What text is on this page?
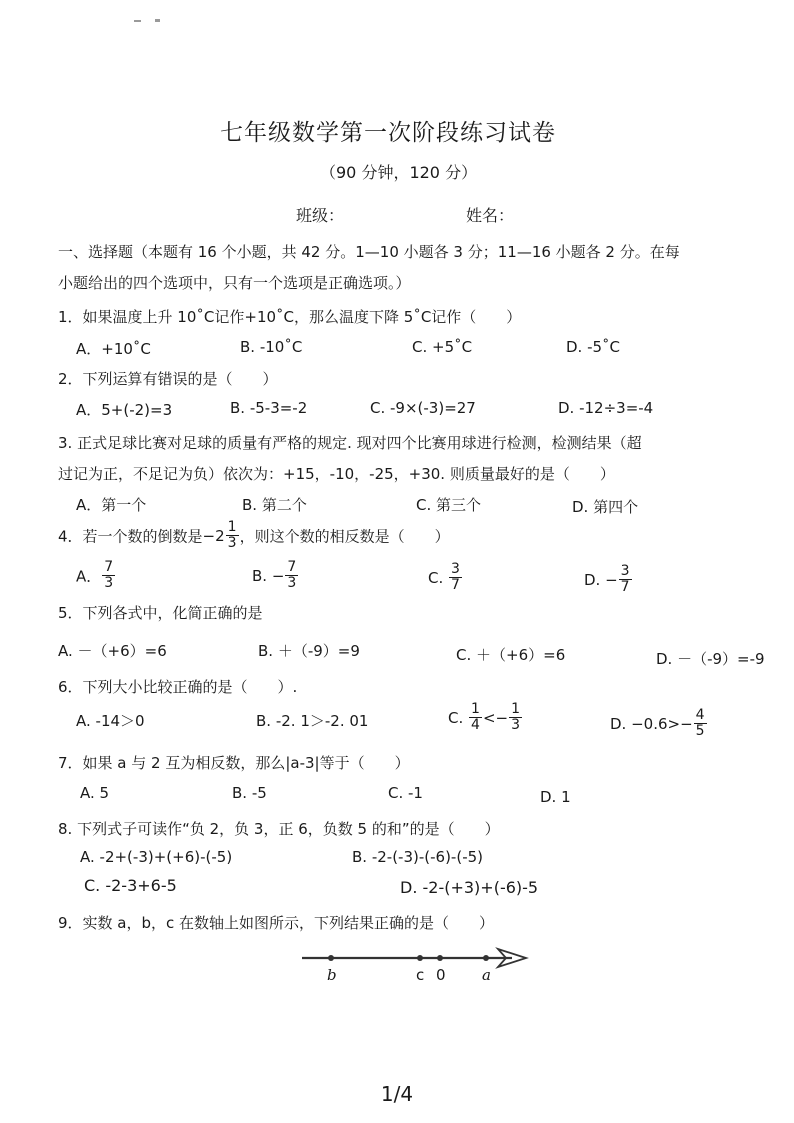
七年级数学第一次阶段练习试卷
（90 分钟，120 分）
班级：	姓名：
一、选择题（本题有 16 个小题，共 42 分。1—10 小题各 3 分；11—16 小题各 2 分。在每
小题给出的四个选项中，只有一个选项是正确选项。）
1．如果温度上升 10˚C记作+10˚C，那么温度下降 5˚C记作（　　）
A．+10˚C	B. -10˚C	C. +5˚C	D. -5˚C
2．下列运算有错误的是（　　）
A．5+(-2)=3	B. -5-3=-2	C. -9×(-3)=27	D. -12÷3=-4
3. 正式足球比赛对足球的质量有严格的规定. 现对四个比赛用球进行检测，检测结果（超
过记为正，不足记为负）依次为：+15，-10，-25，+30. 则质量最好的是（　　）
A．第一个	B. 第二个	C. 第三个	D. 第四个
4．若一个数的倒数是$-2 \frac{1}{3}$ ，则这个数的相反数是（　　）
A． $\frac{7}{3}$	B. − $\frac{7}{3}$	C. $\frac{3}{7}$	D. − $\frac{3}{7}$
5．下列各式中，化简正确的是
A. －（+6）=6	B. ＋（-9）=9	C. ＋（+6）=6	D. －（-9）=-9
6．下列大小比较正确的是（　　）.
A. -14＞0	B. -2. 1＞-2. 01	C. $\frac{1}{4} <- \frac{1}{3}$	D. $-0.6>- \frac{4}{5}$
7．如果 a 与 2 互为相反数，那么|a-3|等于（　　）
A. 5	B. -5	C. -1	D. 1
8. 下列式子可读作“负 2，负 3，正 6，负数 5 的和”的是（　　）
A. -2+(-3)+(+6)-(-5)	B. -2-(-3)-(-6)-(-5)
C. -2-3+6-5	D. -2-(+3)+(-6)-5
9．实数 a，b，c 在数轴上如图所示，下列结果正确的是（　　）
b	c 0 a
1/4
